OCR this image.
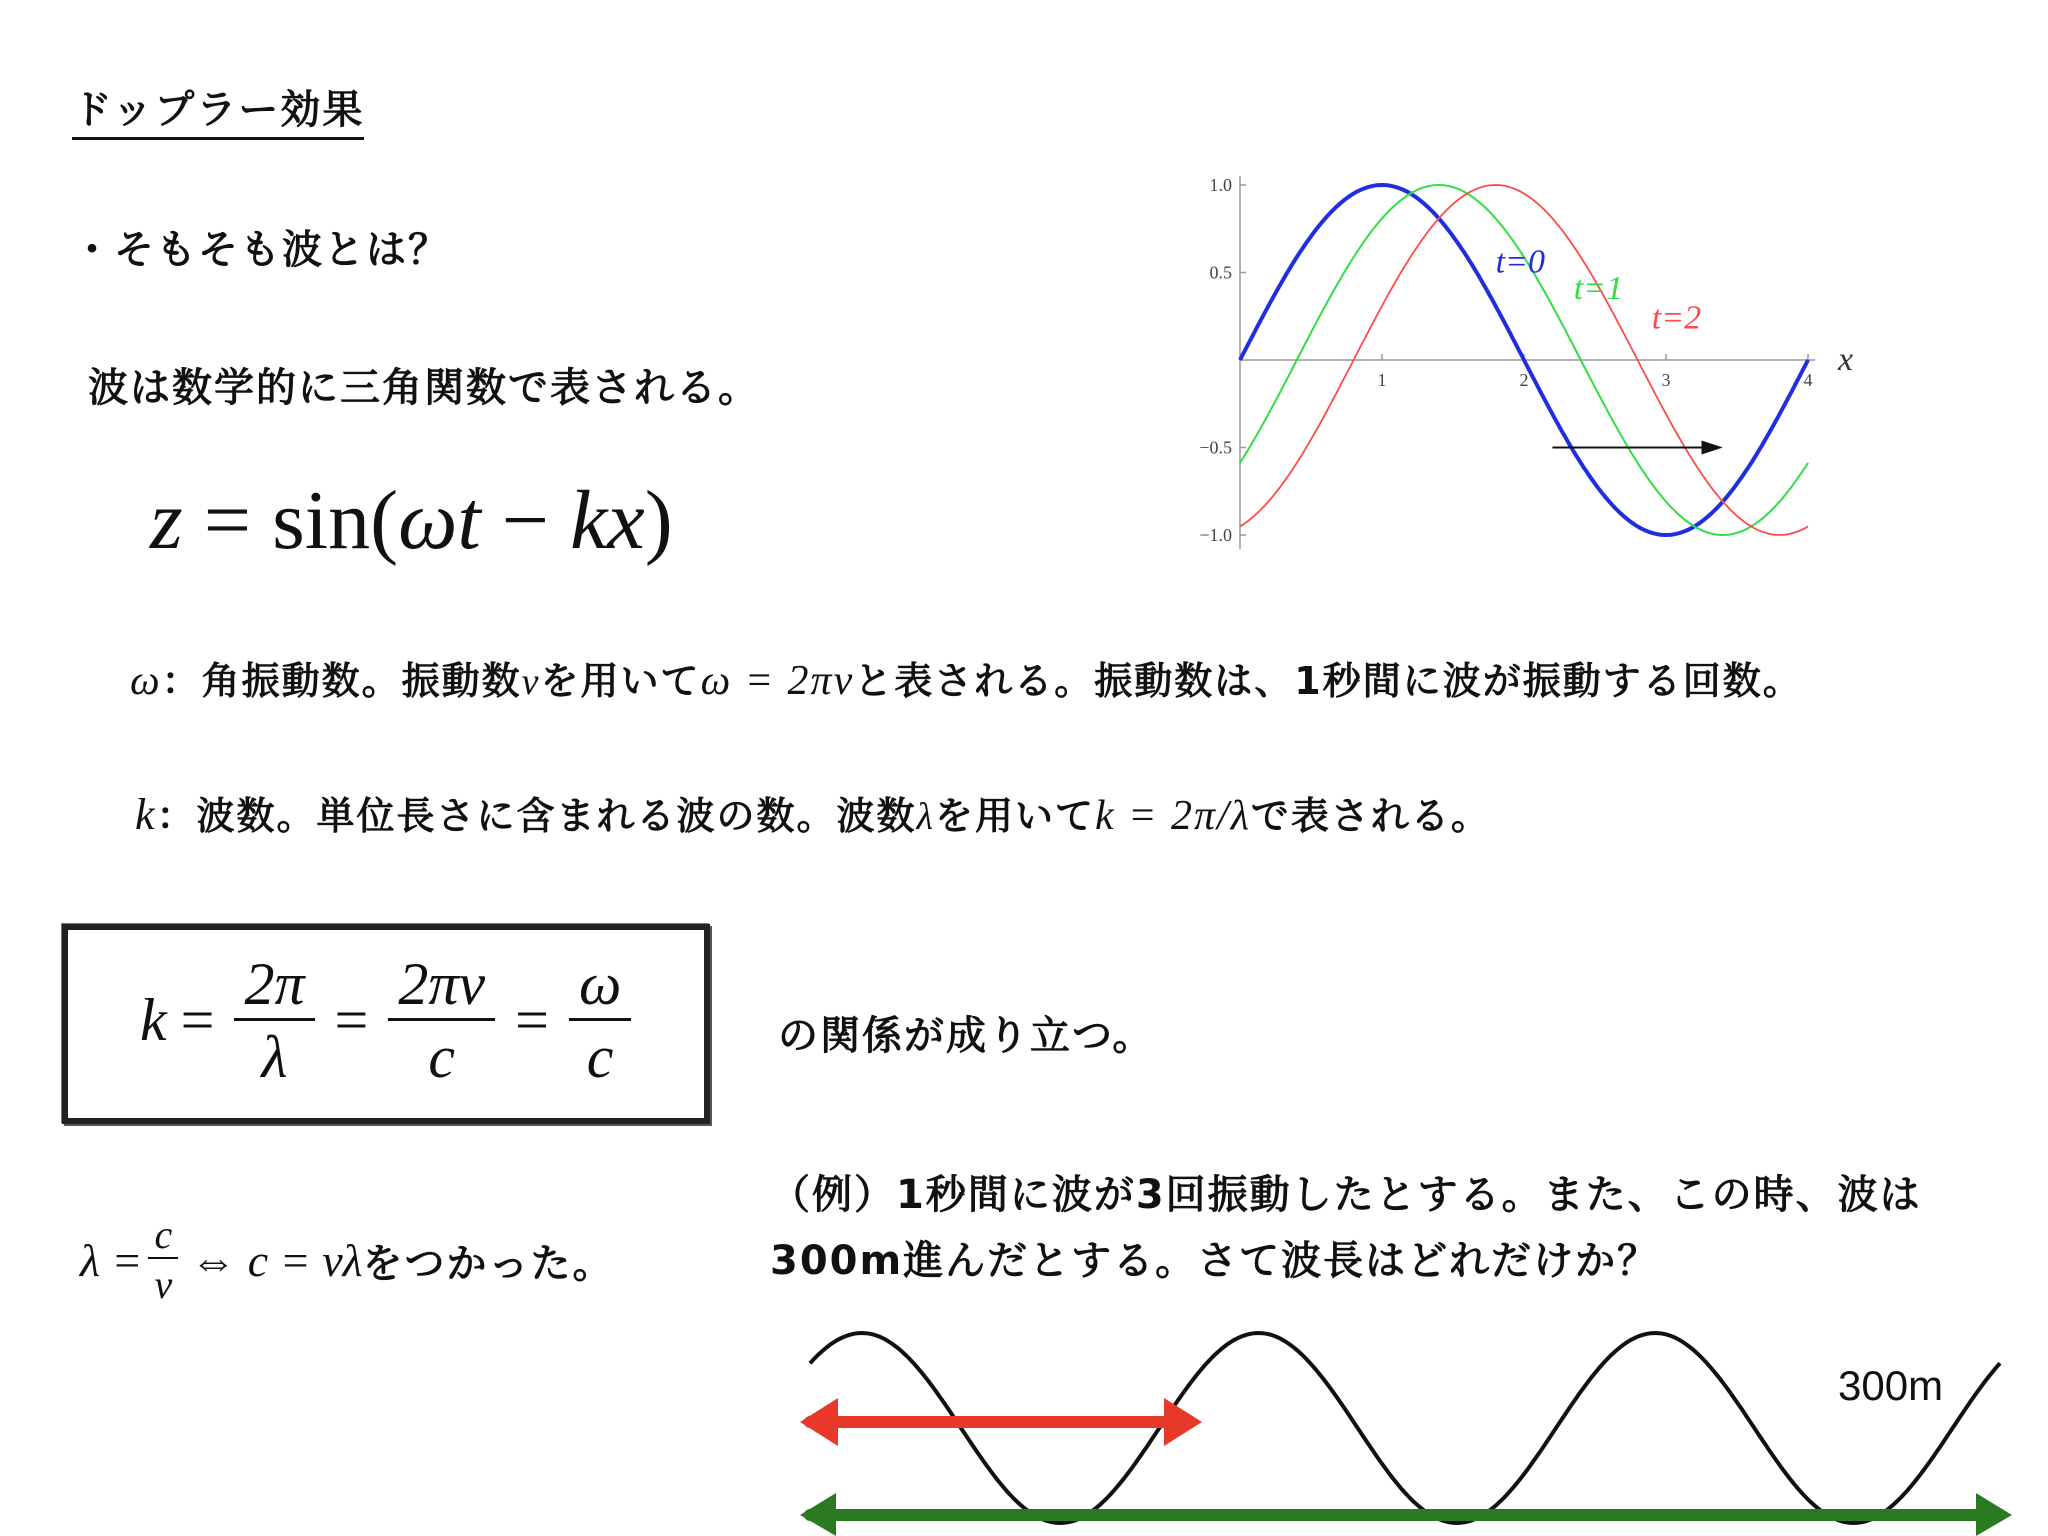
ドップラー効果
・そもそも波とは？
波は数学的に三角関数で表される。
z = sin(ωt − kx)
1.0
0.5
−0.5
−1.0
1	2	3	4
x
t=0
t=1
t=2
ω：角振動数。振動数νを用いてω = 2πνと表される。振動数は、1秒間に波が振動する回数。
k：波数。単位長さに含まれる波の数。波数λを用いてk = 2π/λで表される。
$k = \frac{2\pi}{\lambda} = \frac{2\pi\nu}{c} = \frac{\omega}{c}$	の関係が成り立つ。
（例）1秒間に波が3回振動したとする。また、この時、波は
300m進んだとする。さて波長はどれだけか？
$\lambda = \frac{c}{\nu}$ ⇔ c = νλ をつかった。
300m
